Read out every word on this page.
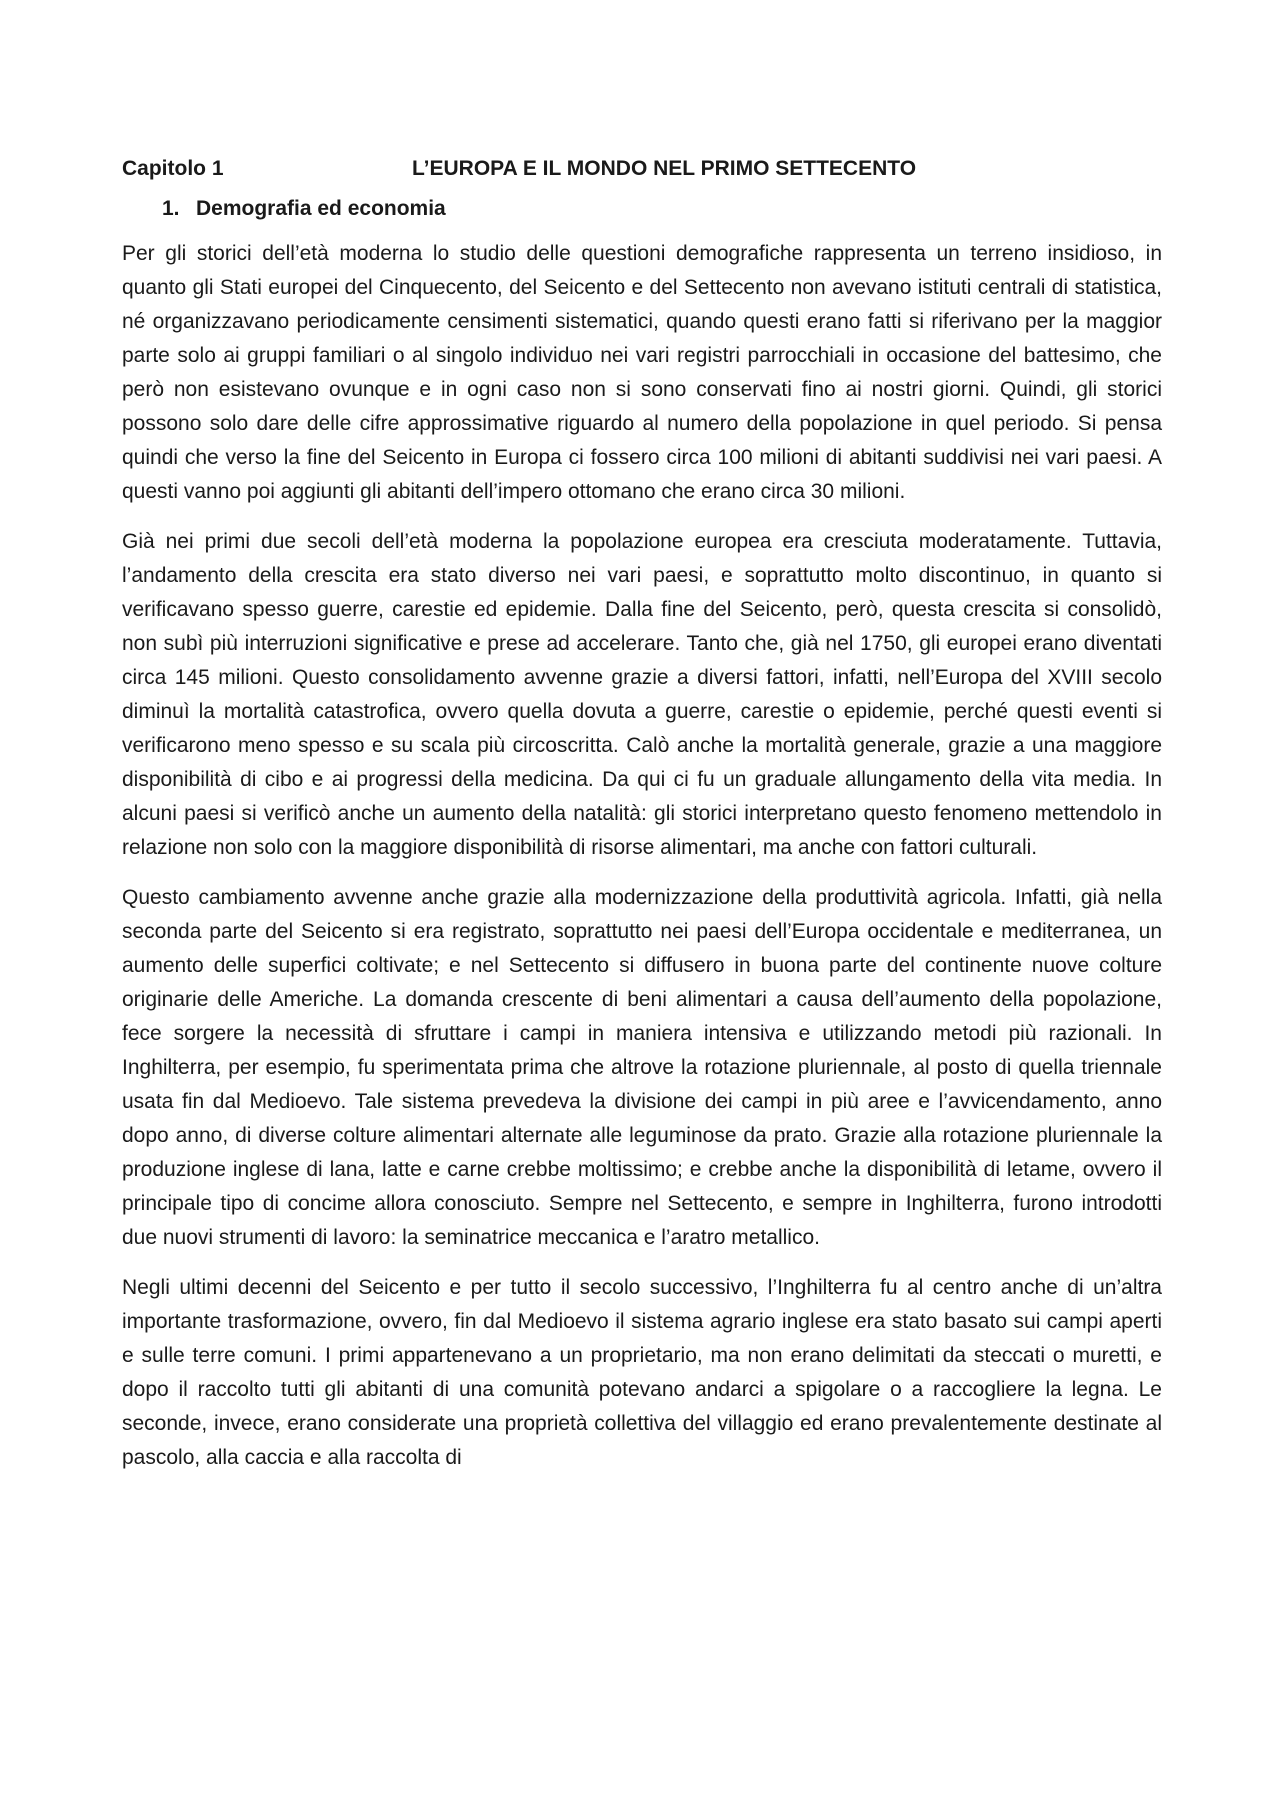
Capitolo 1	L’EUROPA E IL MONDO NEL PRIMO SETTECENTO
1. Demografia ed economia

Per gli storici dell’età moderna lo studio delle questioni demografiche rappresenta un terreno insidioso, in quanto gli Stati europei del Cinquecento, del Seicento e del Settecento non avevano istituti centrali di statistica, né organizzavano periodicamente censimenti sistematici, quando questi erano fatti si riferivano per la maggior parte solo ai gruppi familiari o al singolo individuo nei vari registri parrocchiali in occasione del battesimo, che però non esistevano ovunque e in ogni caso non si sono conservati fino ai nostri giorni. Quindi, gli storici possono solo dare delle cifre approssimative riguardo al numero della popolazione in quel periodo. Si pensa quindi che verso la fine del Seicento in Europa ci fossero circa 100 milioni di abitanti suddivisi nei vari paesi. A questi vanno poi aggiunti gli abitanti dell’impero ottomano che erano circa 30 milioni.

Già nei primi due secoli dell’età moderna la popolazione europea era cresciuta moderatamente. Tuttavia, l’andamento della crescita era stato diverso nei vari paesi, e soprattutto molto discontinuo, in quanto si verificavano spesso guerre, carestie ed epidemie. Dalla fine del Seicento, però, questa crescita si consolidò, non subì più interruzioni significative e prese ad accelerare. Tanto che, già nel 1750, gli europei erano diventati circa 145 milioni. Questo consolidamento avvenne grazie a diversi fattori, infatti, nell’Europa del XVIII secolo diminuì la mortalità catastrofica, ovvero quella dovuta a guerre, carestie o epidemie, perché questi eventi si verificarono meno spesso e su scala più circoscritta. Calò anche la mortalità generale, grazie a una maggiore disponibilità di cibo e ai progressi della medicina. Da qui ci fu un graduale allungamento della vita media. In alcuni paesi si verificò anche un aumento della natalità: gli storici interpretano questo fenomeno mettendolo in relazione non solo con la maggiore disponibilità di risorse alimentari, ma anche con fattori culturali.

Questo cambiamento avvenne anche grazie alla modernizzazione della produttività agricola. Infatti, già nella seconda parte del Seicento si era registrato, soprattutto nei paesi dell’Europa occidentale e mediterranea, un aumento delle superfici coltivate; e nel Settecento si diffusero in buona parte del continente nuove colture originarie delle Americhe. La domanda crescente di beni alimentari a causa dell’aumento della popolazione, fece sorgere la necessità di sfruttare i campi in maniera intensiva e utilizzando metodi più razionali. In Inghilterra, per esempio, fu sperimentata prima che altrove la rotazione pluriennale, al posto di quella triennale usata fin dal Medioevo. Tale sistema prevedeva la divisione dei campi in più aree e l’avvicendamento, anno dopo anno, di diverse colture alimentari alternate alle leguminose da prato. Grazie alla rotazione pluriennale la produzione inglese di lana, latte e carne crebbe moltissimo; e crebbe anche la disponibilità di letame, ovvero il principale tipo di concime allora conosciuto. Sempre nel Settecento, e sempre in Inghilterra, furono introdotti due nuovi strumenti di lavoro: la seminatrice meccanica e l’aratro metallico.

Negli ultimi decenni del Seicento e per tutto il secolo successivo, l’Inghilterra fu al centro anche di un’altra importante trasformazione, ovvero, fin dal Medioevo il sistema agrario inglese era stato basato sui campi aperti e sulle terre comuni. I primi appartenevano a un proprietario, ma non erano delimitati da steccati o muretti, e dopo il raccolto tutti gli abitanti di una comunità potevano andarci a spigolare o a raccogliere la legna. Le seconde, invece, erano considerate una proprietà collettiva del villaggio ed erano prevalentemente destinate al pascolo, alla caccia e alla raccolta di
